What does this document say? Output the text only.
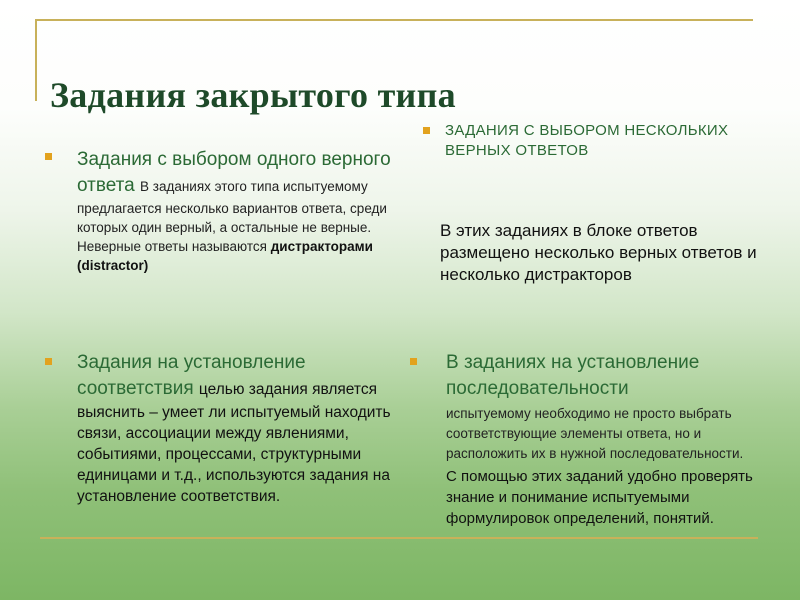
Задания закрытого типа
Задания с выбором одного верного ответа В заданиях этого типа испытуемому предлагается несколько вариантов ответа, среди которых один верный, а остальные не верные. Неверные ответы называются дистракторами (distractor)
ЗАДАНИЯ С ВЫБОРОМ НЕСКОЛЬКИХ ВЕРНЫХ ОТВЕТОВ
В этих заданиях в блоке ответов размещено несколько верных ответов и несколько дистракторов
Задания на установление соответствия целью задания является выяснить – умеет ли испытуемый находить связи, ассоциации между явлениями, событиями, процессами, структурными единицами и т.д., используются задания на установление соответствия.
В заданиях на установление последовательности
испытуемому необходимо не просто выбрать соответствующие элементы ответа, но и расположить их в нужной последовательности.
С помощью этих заданий удобно проверять знание и понимание испытуемыми формулировок определений, понятий.
